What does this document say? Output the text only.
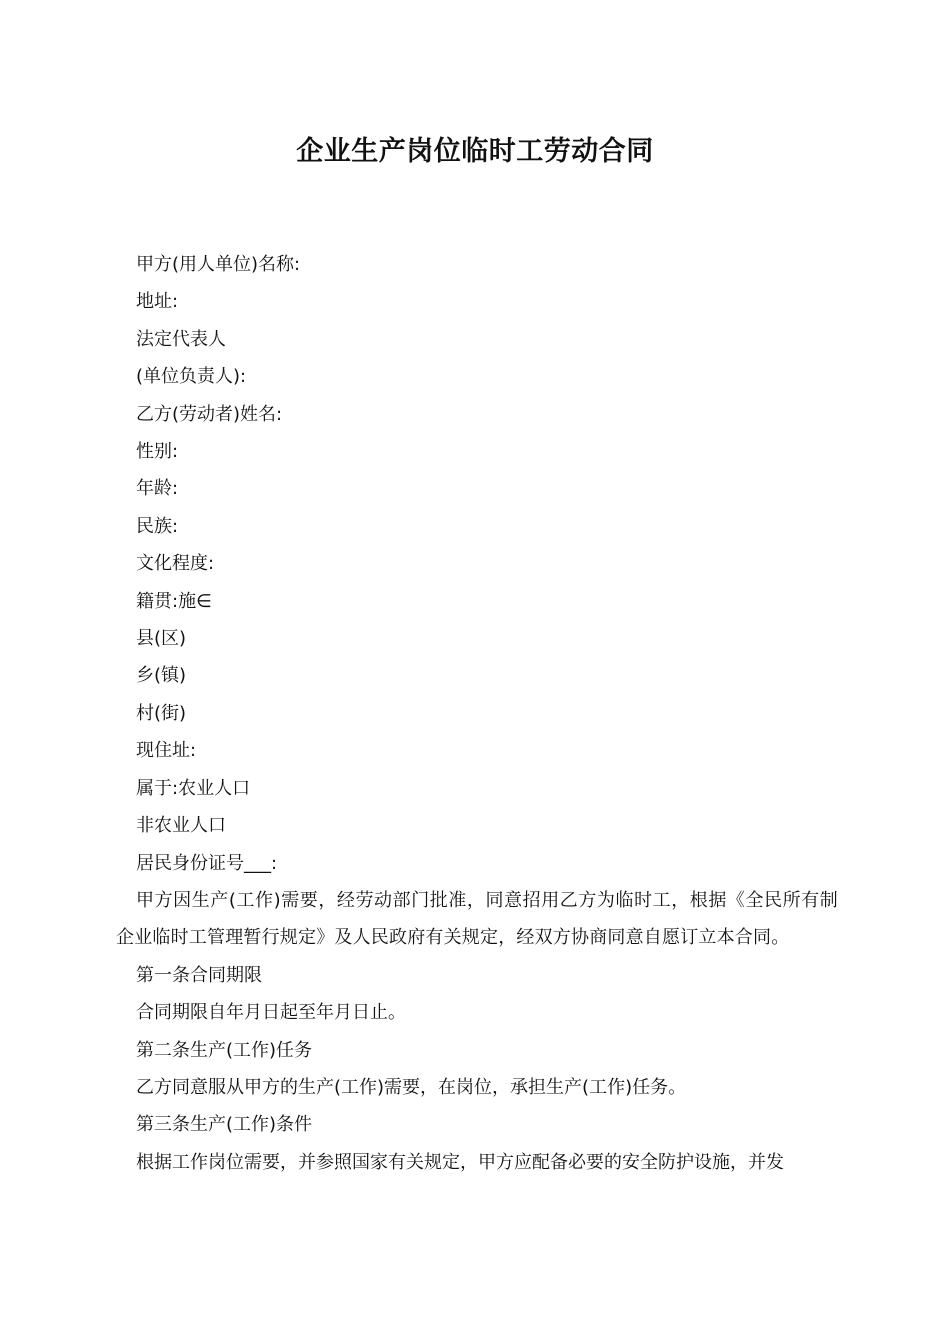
企业生产岗位临时工劳动合同

甲方(用人单位)名称:

地址:

法定代表人

(单位负责人):

乙方(劳动者)姓名:

性别:

年龄:

民族:

文化程度:

籍贯:施∈

县(区)

乡(镇)

村(街)

现住址:

属于:农业人口

非农业人口

居民身份证号___:

甲方因生产(工作)需要，经劳动部门批准，同意招用乙方为临时工，根据《全民所有制企业临时工管理暂行规定》及人民政府有关规定，经双方协商同意自愿订立本合同。

第一条合同期限

合同期限自年月日起至年月日止。

第二条生产(工作)任务

乙方同意服从甲方的生产(工作)需要，在岗位，承担生产(工作)任务。

第三条生产(工作)条件

根据工作岗位需要，并参照国家有关规定，甲方应配备必要的安全防护设施，并发
